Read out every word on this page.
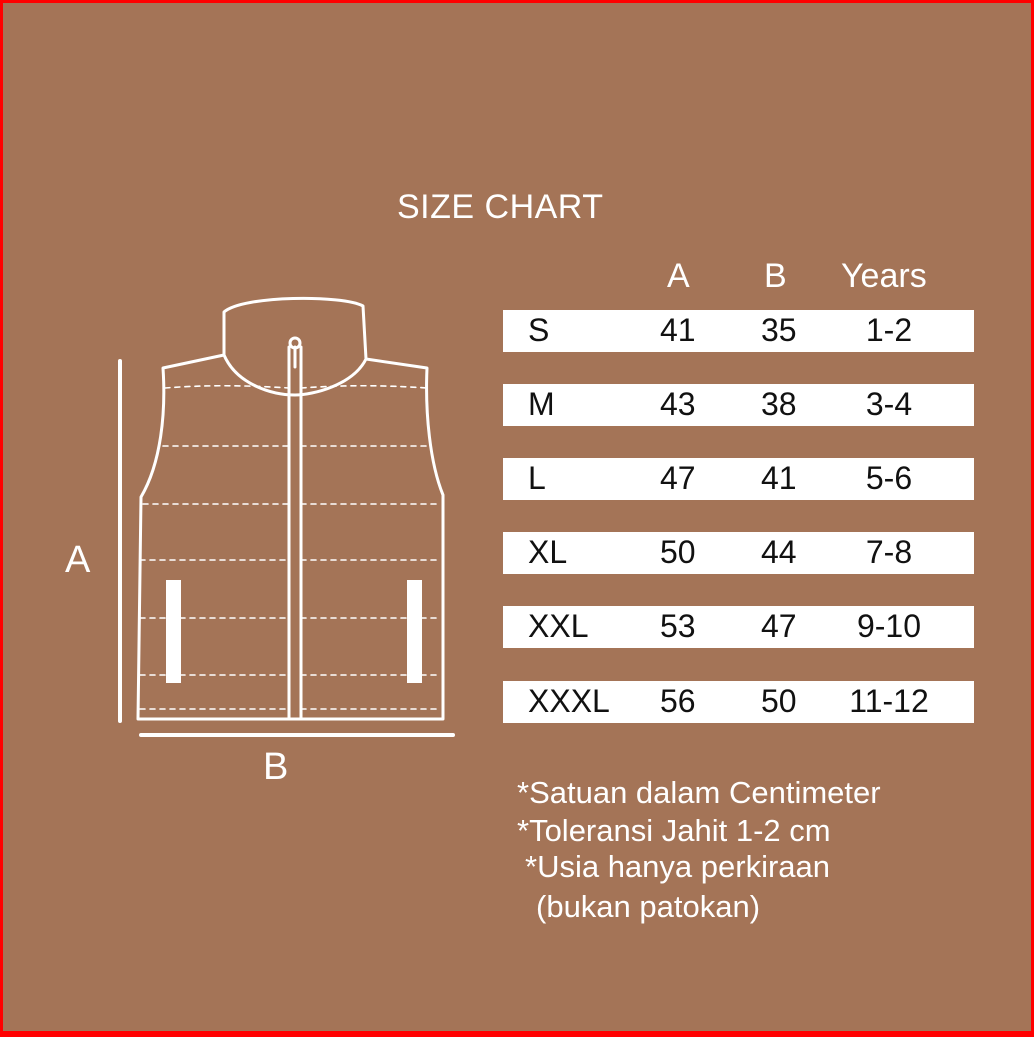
SIZE CHART
A
B
A B Years
S	41 35	1-2
M	43 38	3-4
L	47 41	5-6
XL	50 44	7-8
XXL 53 47	9-10
XXXL 56 50	11-12
*Satuan dalam Centimeter
*Toleransi Jahit 1-2 cm
*Usia hanya perkiraan
(bukan patokan)
